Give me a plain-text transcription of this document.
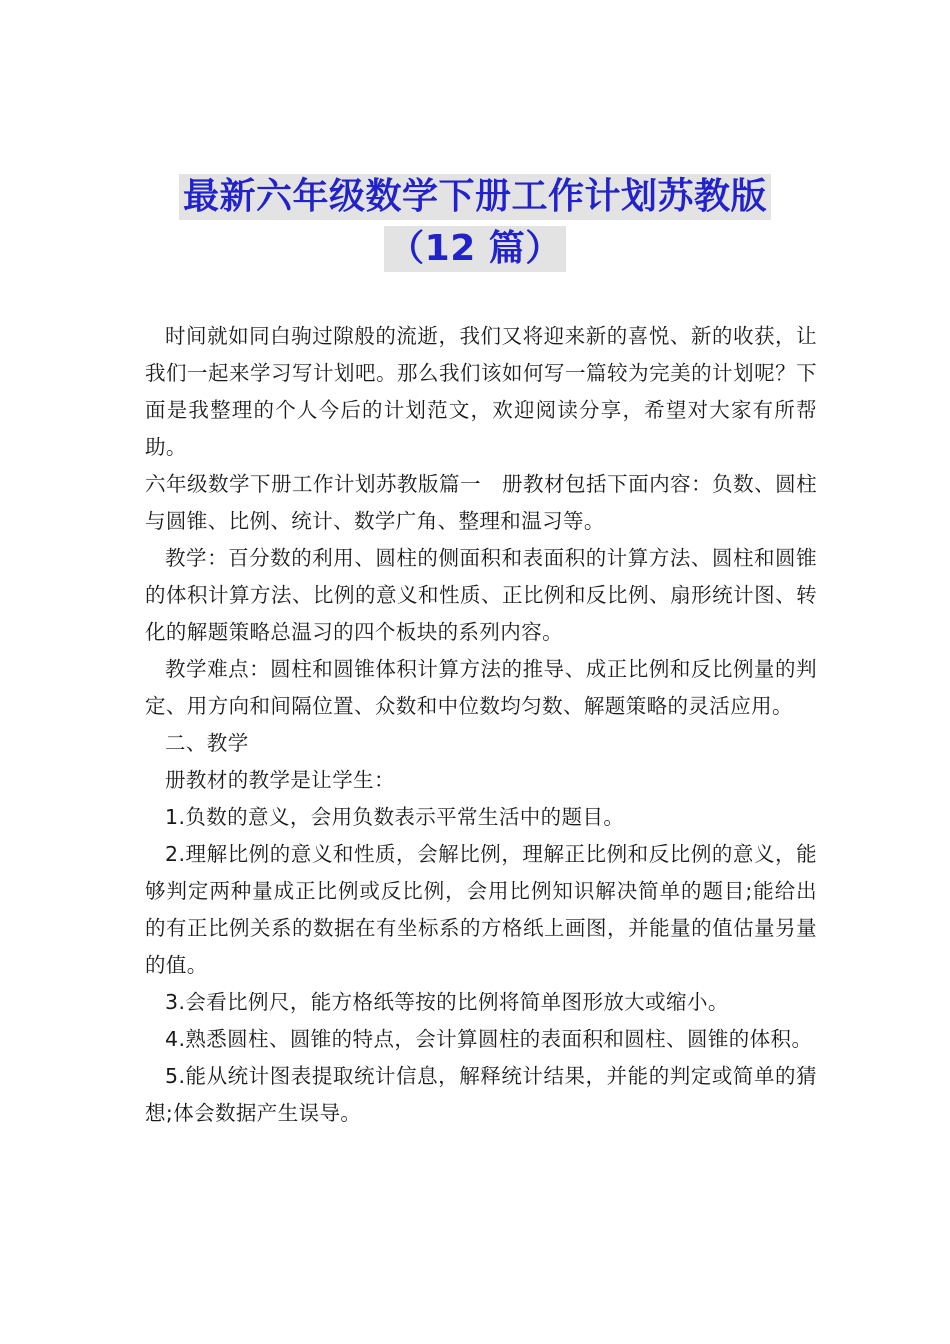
最新六年级数学下册工作计划苏教版
（12 篇）

时间就如同白驹过隙般的流逝，我们又将迎来新的喜悦、新的收获，让我们一起来学习写计划吧。那么我们该如何写一篇较为完美的计划呢？下面是我整理的个人今后的计划范文，欢迎阅读分享，希望对大家有所帮助。

六年级数学下册工作计划苏教版篇一　册教材包括下面内容：负数、圆柱与圆锥、比例、统计、数学广角、整理和温习等。

教学：百分数的利用、圆柱的侧面积和表面积的计算方法、圆柱和圆锥的体积计算方法、比例的意义和性质、正比例和反比例、扇形统计图、转化的解题策略总温习的四个板块的系列内容。

教学难点：圆柱和圆锥体积计算方法的推导、成正比例和反比例量的判定、用方向和间隔位置、众数和中位数均匀数、解题策略的灵活应用。

二、教学

册教材的教学是让学生：

1.负数的意义，会用负数表示平常生活中的题目。

2.理解比例的意义和性质，会解比例，理解正比例和反比例的意义，能够判定两种量成正比例或反比例，会用比例知识解决简单的题目;能给出的有正比例关系的数据在有坐标系的方格纸上画图，并能量的值估量另量的值。

3.会看比例尺，能方格纸等按的比例将简单图形放大或缩小。

4.熟悉圆柱、圆锥的特点，会计算圆柱的表面积和圆柱、圆锥的体积。

5.能从统计图表提取统计信息，解释统计结果，并能的判定或简单的猜想;体会数据产生误导。
